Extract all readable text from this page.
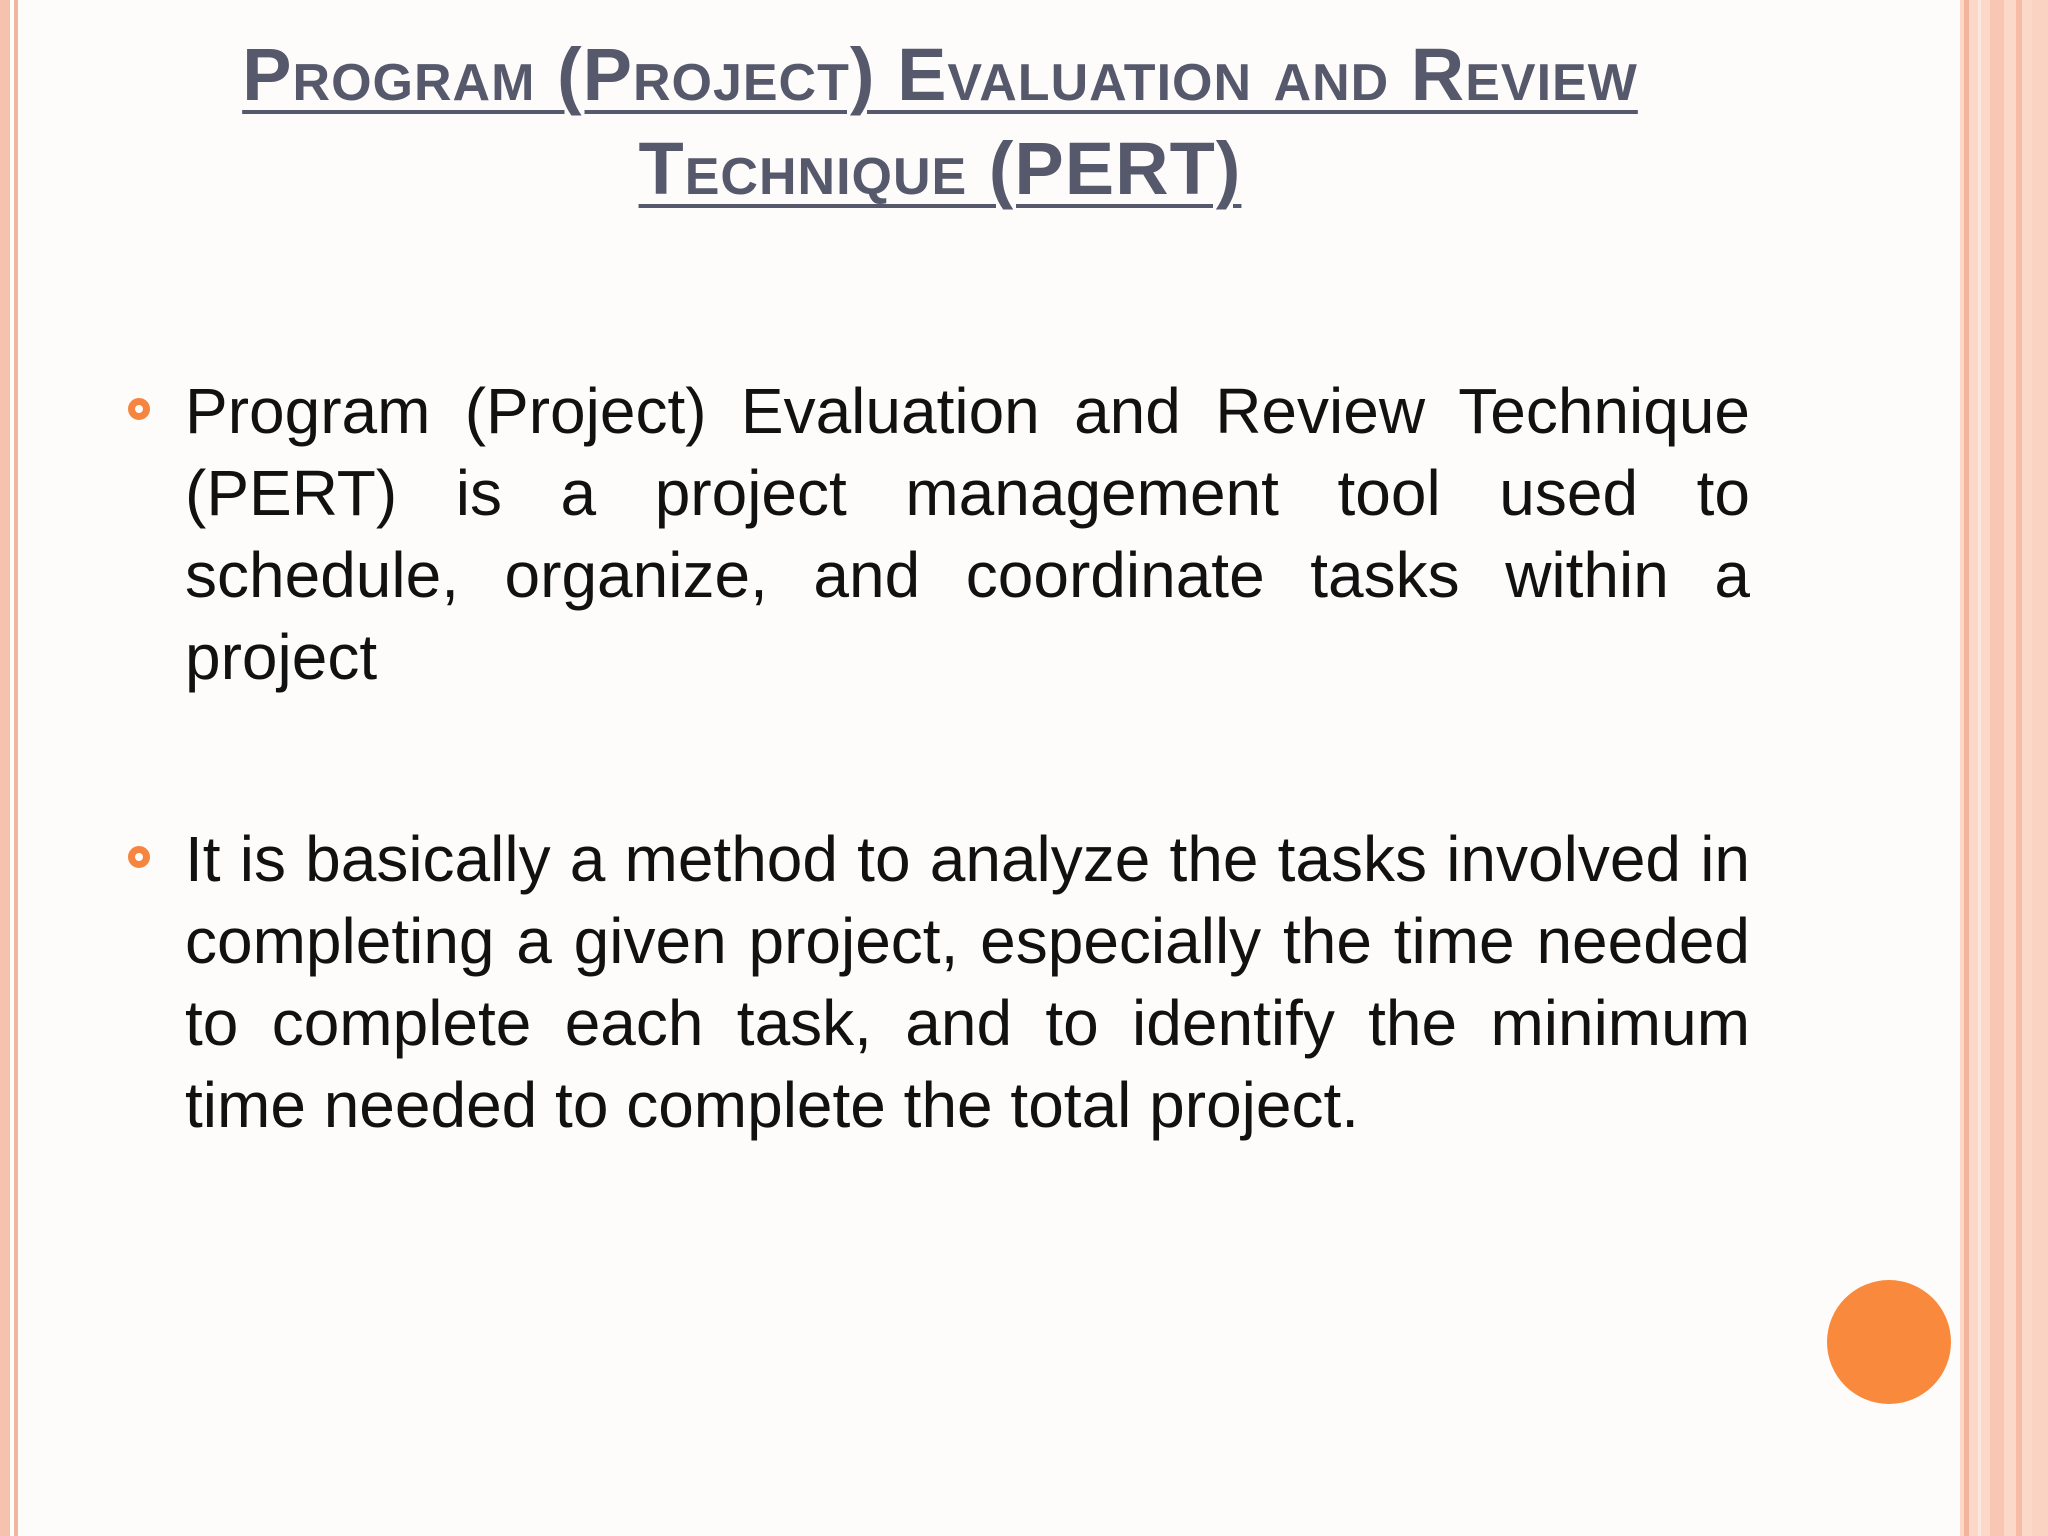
Program (Project) Evaluation and Review
Technique (PERT)
Program (Project) Evaluation and Review Technique (PERT) is a project management tool used to schedule, organize, and coordinate tasks within a project
It is basically a method to analyze the tasks involved in completing a given project, especially the time needed to complete each task, and to identify the minimum time needed to complete the total project.
